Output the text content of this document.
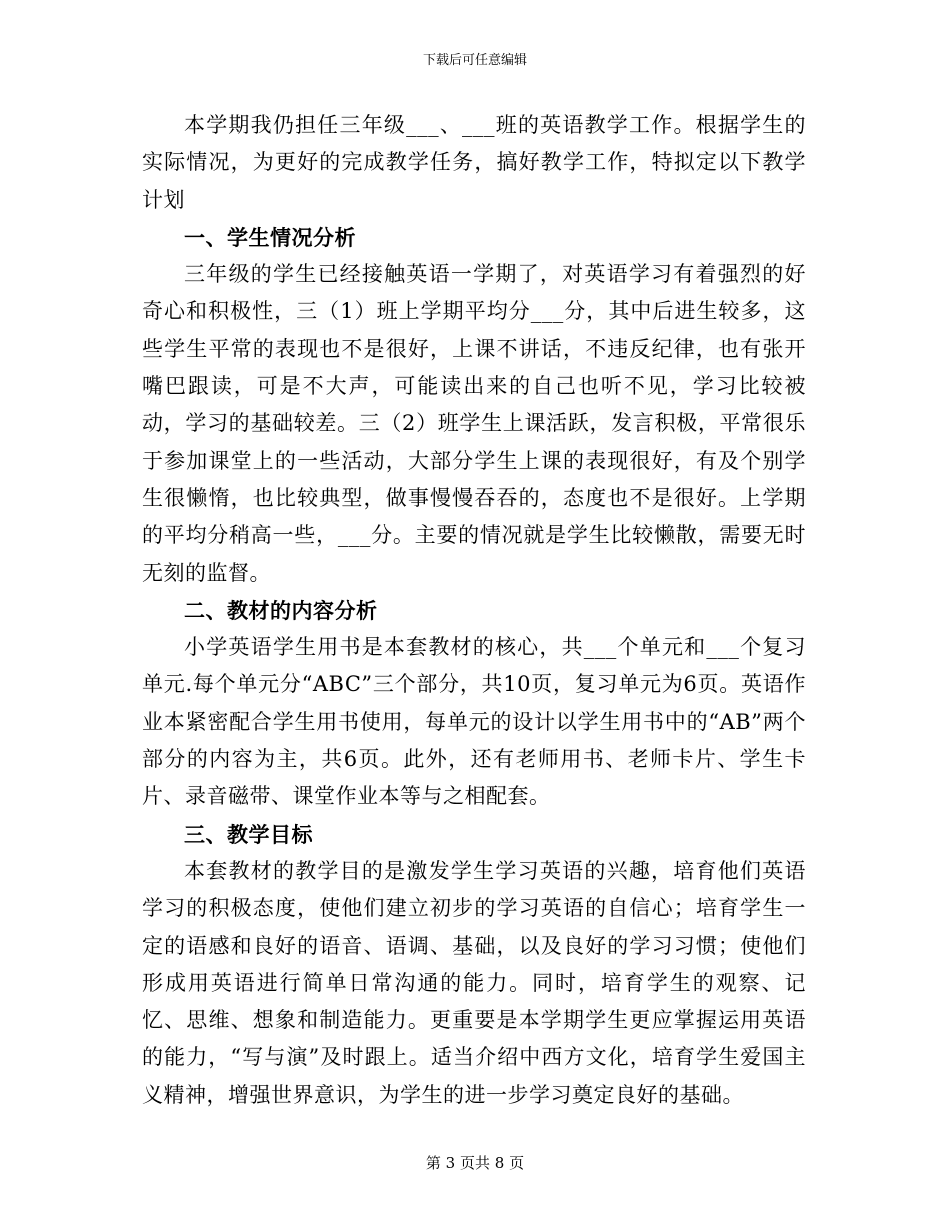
下载后可任意编辑

本学期我仍担任三年级___、___班的英语教学工作。根据学生的实际情况，为更好的完成教学任务，搞好教学工作，特拟定以下教学计划

一、学生情况分析

三年级的学生已经接触英语一学期了，对英语学习有着强烈的好奇心和积极性，三（1）班上学期平均分___分，其中后进生较多，这些学生平常的表现也不是很好，上课不讲话，不违反纪律，也有张开嘴巴跟读，可是不大声，可能读出来的自己也听不见，学习比较被动，学习的基础较差。三（2）班学生上课活跃，发言积极，平常很乐于参加课堂上的一些活动，大部分学生上课的表现很好，有及个别学生很懒惰，也比较典型，做事慢慢吞吞的，态度也不是很好。上学期的平均分稍高一些，___分。主要的情况就是学生比较懒散，需要无时无刻的监督。

二、教材的内容分析

小学英语学生用书是本套教材的核心，共___个单元和___个复习单元.每个单元分“ABC”三个部分，共10页，复习单元为6页。英语作业本紧密配合学生用书使用，每单元的设计以学生用书中的“AB”两个部分的内容为主，共6页。此外，还有老师用书、老师卡片、学生卡片、录音磁带、课堂作业本等与之相配套。

三、教学目标

本套教材的教学目的是激发学生学习英语的兴趣，培育他们英语学习的积极态度，使他们建立初步的学习英语的自信心；培育学生一定的语感和良好的语音、语调、基础，以及良好的学习习惯；使他们形成用英语进行简单日常沟通的能力。同时，培育学生的观察、记忆、思维、想象和制造能力。更重要是本学期学生更应掌握运用英语的能力，“写与演”及时跟上。适当介绍中西方文化，培育学生爱国主义精神，增强世界意识，为学生的进一步学习奠定良好的基础。

第 3 页共 8 页
